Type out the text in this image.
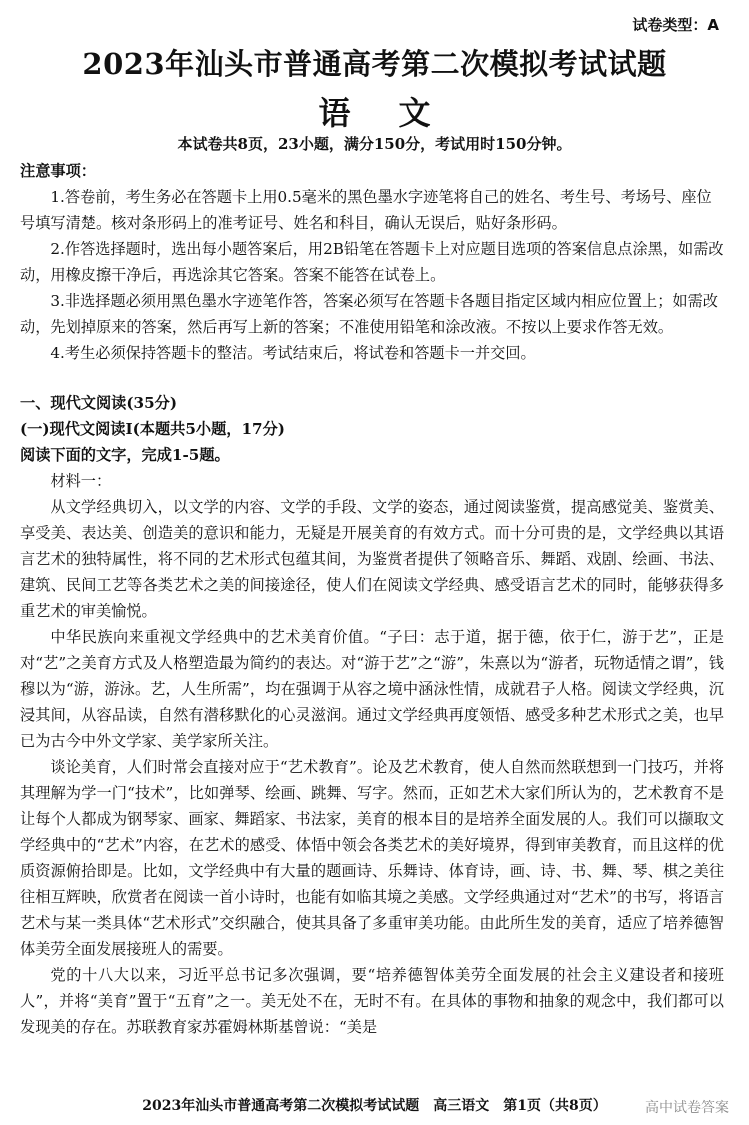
试卷类型：A
2023年汕头市普通高考第二次模拟考试试题
语文
本试卷共8页，23小题，满分150分，考试用时150分钟。

注意事项：

1.答卷前，考生务必在答题卡上用0.5毫米的黑色墨水字迹笔将自己的姓名、考生号、考场号、座位号填写清楚。核对条形码上的准考证号、姓名和科目，确认无误后，贴好条形码。

2.作答选择题时，选出每小题答案后，用2B铅笔在答题卡上对应题目选项的答案信息点涂黑，如需改动，用橡皮擦干净后，再选涂其它答案。答案不能答在试卷上。

3.非选择题必须用黑色墨水字迹笔作答，答案必须写在答题卡各题目指定区域内相应位置上；如需改动，先划掉原来的答案，然后再写上新的答案；不准使用铅笔和涂改液。不按以上要求作答无效。

4.考生必须保持答题卡的整洁。考试结束后，将试卷和答题卡一并交回。

一、现代文阅读(35分)

(一)现代文阅读Ⅰ(本题共5小题，17分)

阅读下面的文字，完成1-5题。

材料一：

从文学经典切入，以文学的内容、文学的手段、文学的姿态，通过阅读鉴赏，提高感觉美、鉴赏美、享受美、表达美、创造美的意识和能力，无疑是开展美育的有效方式。而十分可贵的是，文学经典以其语言艺术的独特属性，将不同的艺术形式包蕴其间，为鉴赏者提供了领略音乐、舞蹈、戏剧、绘画、书法、建筑、民间工艺等各类艺术之美的间接途径，使人们在阅读文学经典、感受语言艺术的同时，能够获得多重艺术的审美愉悦。

中华民族向来重视文学经典中的艺术美育价值。“子曰：志于道，据于德，依于仁，游于艺”，正是对“艺”之美育方式及人格塑造最为简约的表达。对“游于艺”之“游”，朱熹以为“游者，玩物适情之谓”，钱穆以为“游，游泳。艺，人生所需”，均在强调于从容之境中涵泳性情，成就君子人格。阅读文学经典，沉浸其间，从容品读，自然有潜移默化的心灵滋润。通过文学经典再度领悟、感受多种艺术形式之美，也早已为古今中外文学家、美学家所关注。

谈论美育，人们时常会直接对应于“艺术教育”。论及艺术教育，使人自然而然联想到一门技巧，并将其理解为学一门“技术”，比如弹琴、绘画、跳舞、写字。然而，正如艺术大家们所认为的，艺术教育不是让每个人都成为钢琴家、画家、舞蹈家、书法家，美育的根本目的是培养全面发展的人。我们可以撷取文学经典中的“艺术”内容，在艺术的感受、体悟中领会各类艺术的美好境界，得到审美教育，而且这样的优质资源俯拾即是。比如，文学经典中有大量的题画诗、乐舞诗、体育诗，画、诗、书、舞、琴、棋之美往往相互辉映，欣赏者在阅读一首小诗时，也能有如临其境之美感。文学经典通过对“艺术”的书写，将语言艺术与某一类具体“艺术形式”交织融合，使其具备了多重审美功能。由此所生发的美育，适应了培养德智体美劳全面发展接班人的需要。

党的十八大以来，习近平总书记多次强调，要“培养德智体美劳全面发展的社会主义建设者和接班人”，并将“美育”置于“五育”之一。美无处不在，无时不有。在具体的事物和抽象的观念中，我们都可以发现美的存在。苏联教育家苏霍姆林斯基曾说：“美是

2023年汕头市普通高考第二次模拟考试试题　高三语文　第1页（共8页）	高中试卷答案
